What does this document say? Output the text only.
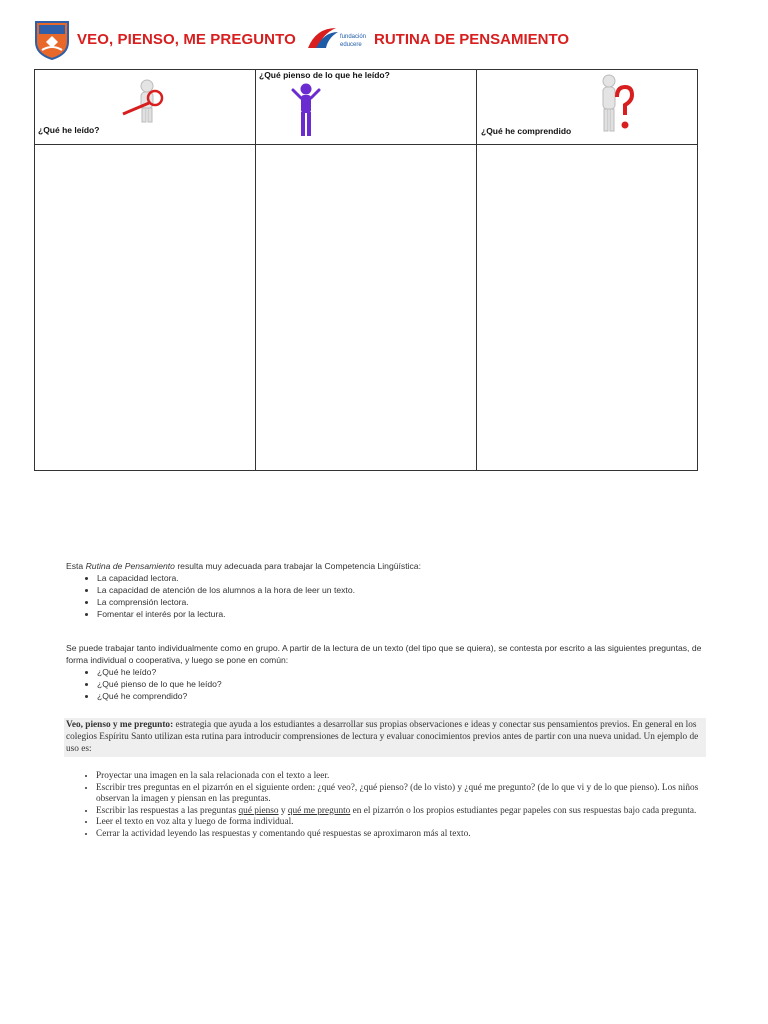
VEO, PIENSO, ME PREGUNTO	fundación
educere RUTINA DE PENSAMIENTO
¿Qué he leído?	¿Qué pienso de lo que he leído?	¿Qué he comprendido

Esta Rutina de Pensamiento resulta muy adecuada para trabajar la Competencia Lingüística:
• La capacidad lectora.
• La capacidad de atención de los alumnos a la hora de leer un texto.
• La comprensión lectora.
• Fomentar el interés por la lectura.
Se puede trabajar tanto individualmente como en grupo. A partir de la lectura de un texto (del tipo que se quiera), se contesta por escrito a las siguientes preguntas, de forma individual o cooperativa, y luego se pone en común:
• ¿Qué he leído?
• ¿Qué pienso de lo que he leído?
• ¿Qué he comprendido?
Veo, pienso y me pregunto: estrategia que ayuda a los estudiantes a desarrollar sus propias observaciones e ideas y conectar sus pensamientos previos. En general en los colegios Espíritu Santo utilizan esta rutina para introducir comprensiones de lectura y evaluar conocimientos previos antes de partir con una nueva unidad. Un ejemplo de uso es:
• Proyectar una imagen en la sala relacionada con el texto a leer.
• Escribir tres preguntas en el pizarrón en el siguiente orden: ¿qué veo?, ¿qué pienso? (de lo visto) y ¿qué me pregunto? (de lo que vi y de lo que pienso). Los niños observan la imagen y piensan en las preguntas.
• Escribir las respuestas a las preguntas qué pienso y qué me pregunto en el pizarrón o los propios estudiantes pegar papeles con sus respuestas bajo cada pregunta.
• Leer el texto en voz alta y luego de forma individual.
• Cerrar la actividad leyendo las respuestas y comentando qué respuestas se aproximaron más al texto.
